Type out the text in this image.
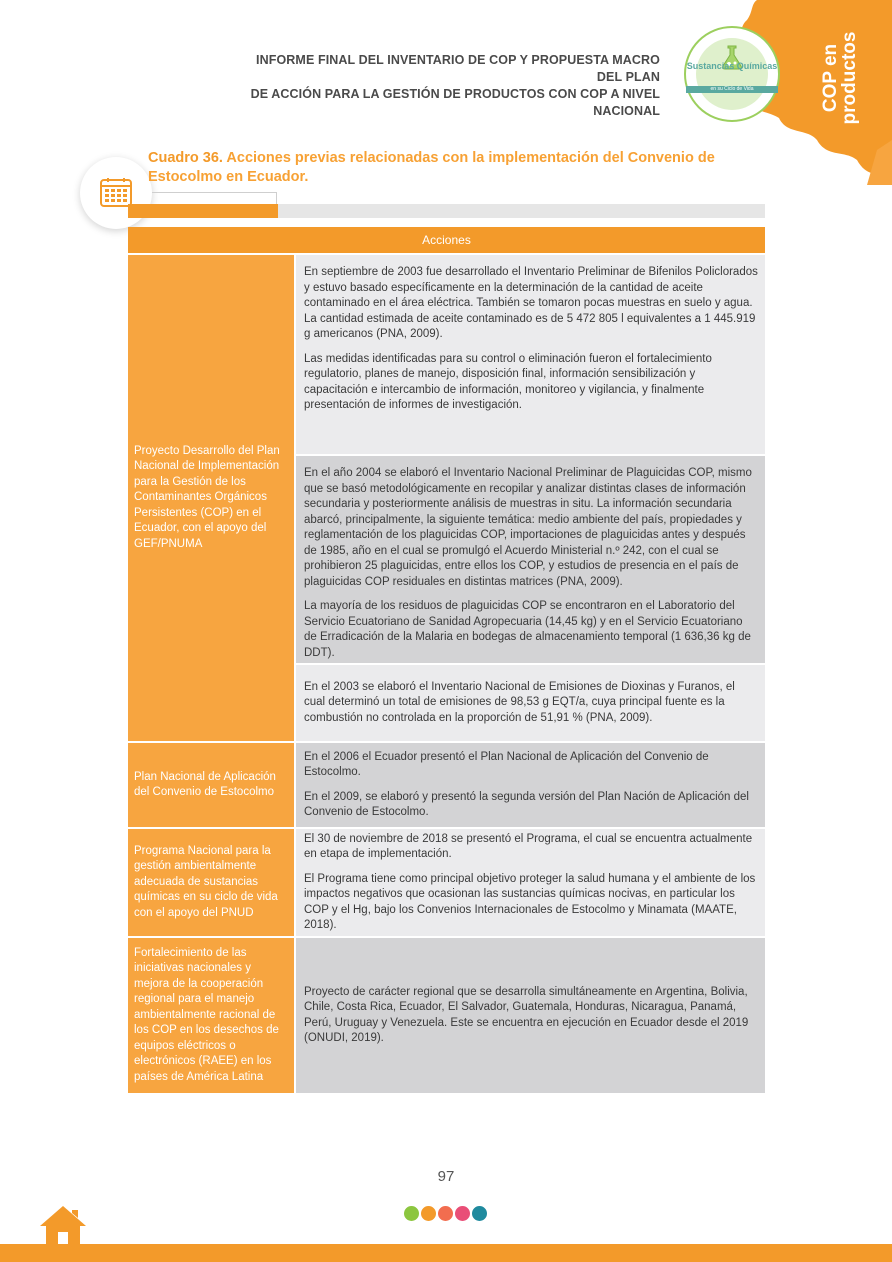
INFORME FINAL DEL INVENTARIO DE COP Y PROPUESTA MACRO DEL PLAN
DE ACCIÓN PARA LA GESTIÓN DE PRODUCTOS CON COP A NIVEL NACIONAL
Sustancias Químicas
en su Ciclo de Vida	COP en
productos
Cuadro 36. Acciones previas relacionadas con la implementación del Convenio de Estocolmo en Ecuador.
Acciones
Proyecto Desarrollo del Plan Nacional de Implementación para la Gestión de los Contaminantes Orgánicos Persistentes (COP) en el Ecuador, con el apoyo del GEF/PNUMA

En septiembre de 2003 fue desarrollado el Inventario Preliminar de Bifenilos Policlorados y estuvo basado específicamente en la determinación de la cantidad de aceite contaminado en el área eléctrica. También se tomaron pocas muestras en suelo y agua. La cantidad estimada de aceite contaminado es de 5 472 805 l equivalentes a 1 445.919 g americanos (PNA, 2009).

Las medidas identificadas para su control o eliminación fueron el fortalecimiento regulatorio, planes de manejo, disposición final, información sensibilización y capacitación e intercambio de información, monitoreo y vigilancia, y finalmente presentación de informes de investigación.

En el año 2004 se elaboró el Inventario Nacional Preliminar de Plaguicidas COP, mismo que se basó metodológicamente en recopilar y analizar distintas clases de información secundaria y posteriormente análisis de muestras in situ. La información secundaria abarcó, principalmente, la siguiente temática: medio ambiente del país, propiedades y reglamentación de los plaguicidas COP, importaciones de plaguicidas antes y después de 1985, año en el cual se promulgó el Acuerdo Ministerial n.º 242, con el cual se prohibieron 25 plaguicidas, entre ellos los COP, y estudios de presencia en el país de plaguicidas COP residuales en distintas matrices (PNA, 2009).

La mayoría de los residuos de plaguicidas COP se encontraron en el Laboratorio del Servicio Ecuatoriano de Sanidad Agropecuaria (14,45 kg) y en el Servicio Ecuatoriano de Erradicación de la Malaria en bodegas de almacenamiento temporal (1 636,36 kg de DDT).

En el 2003 se elaboró el Inventario Nacional de Emisiones de Dioxinas y Furanos, el cual determinó un total de emisiones de 98,53 g EQT/a, cuya principal fuente es la combustión no controlada en la proporción de 51,91 % (PNA, 2009).

Plan Nacional de Aplicación del Convenio de Estocolmo

En el 2006 el Ecuador presentó el Plan Nacional de Aplicación del Convenio de Estocolmo.

En el 2009, se elaboró y presentó la segunda versión del Plan Nación de Aplicación del Convenio de Estocolmo.

Programa Nacional para la gestión ambientalmente adecuada de sustancias químicas en su ciclo de vida con el apoyo del PNUD

El 30 de noviembre de 2018 se presentó el Programa, el cual se encuentra actualmente en etapa de implementación.

El Programa tiene como principal objetivo proteger la salud humana y el ambiente de los impactos negativos que ocasionan las sustancias químicas nocivas, en particular los COP y el Hg, bajo los Convenios Internacionales de Estocolmo y Minamata (MAATE, 2018).

Fortalecimiento de las iniciativas nacionales y mejora de la cooperación regional para el manejo ambientalmente racional de los COP en los desechos de equipos eléctricos o electrónicos (RAEE) en los países de América Latina

Proyecto de carácter regional que se desarrolla simultáneamente en Argentina, Bolivia, Chile, Costa Rica, Ecuador, El Salvador, Guatemala, Honduras, Nicaragua, Panamá, Perú, Uruguay y Venezuela. Este se encuentra en ejecución en Ecuador desde el 2019 (ONUDI, 2019).

97
